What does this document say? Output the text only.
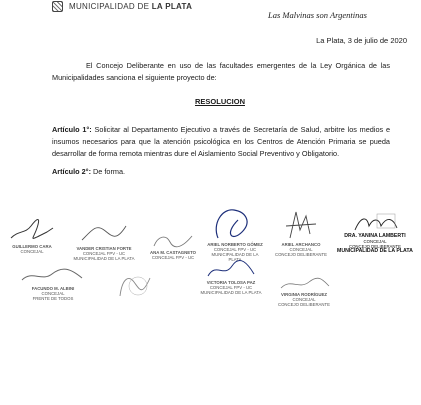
MUNICIPALIDAD DE LA PLATA
Las Malvinas son Argentinas
La Plata, 3 de julio de 2020

El Concejo Deliberante en uso de las facultades emergentes de la Ley Orgánica de las Municipalidades sanciona el siguiente proyecto de:

RESOLUCION

Artículo 1°: Solicitar al Departamento Ejecutivo a través de Secretaría de Salud, arbitre los medios e insumos necesarios para que la atención psicológica en los Centros de Atención Primaria se pueda desarrollar de forma remota mientras dure el Aislamiento Social Preventivo y Obligatorio.

Artículo 2°: De forma.

GUILLERMO CARA
CONCEJAL
VANDER CRISTIAN FORTE
CONCEJAL FPV - UC
MUNICIPALIDAD DE LA PLATA
ANA M. CASTAGNETO
CONCEJAL FPV - UC
ARIEL NORBERTO GÓMEZ
CONCEJAL FPV - UC
MUNICIPALIDAD DE LA PLATA
ARIEL ARCHANCO
CONCEJAL
CONCEJO DELIBERANTE
DRA. YANINA LAMBERTI
CONCEJAL
CONCEJO DELIBERANTE
MUNICIPALIDAD DE LA PLATA
FACUNDO M. ALBINI
CONCEJAL
FRENTE DE TODOS
VICTORIA TOLOSA PAZ
CONCEJAL FPV - UC
MUNICIPALIDAD DE LA PLATA	VIRGINIA RODRÍGUEZ
CONCEJAL
CONCEJO DELIBERANTE
